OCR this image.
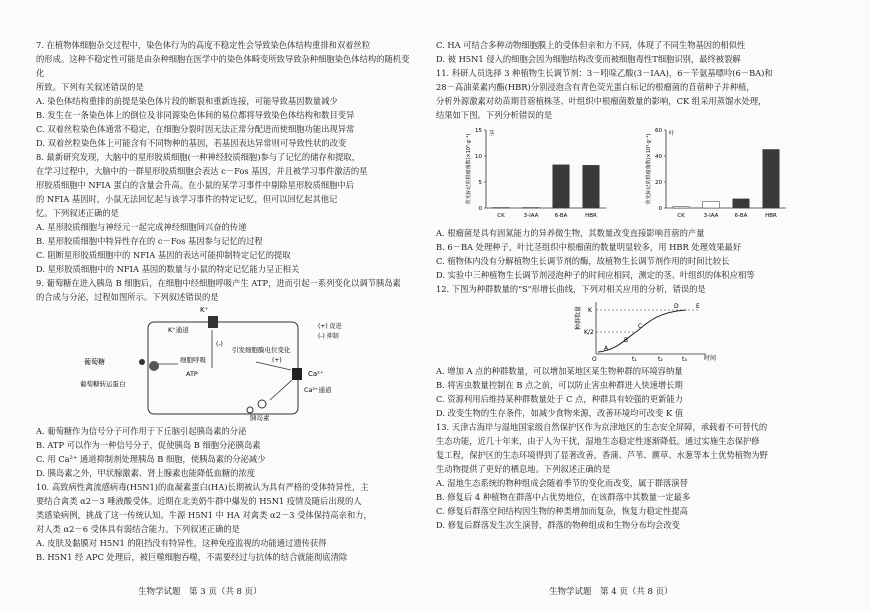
7. 在植物体细胞杂交过程中，染色体行为的高度不稳定性会导致染色体结构重排和双着丝粒

的形成。这种不稳定性可能是由杂种细胞在医学中的染色体畸变所致导致杂种细胞染色体结构的随机变化

所致。下列有关叙述错误的是

A. 染色体结构重排的前提是染色体片段的断裂和重新连接，可能导致基因数量减少

B. 发生在一条染色体上的倒位及非同源染色体间的易位都将导致染色体结构和数目变异

C. 双着丝粒染色体通常不稳定，在细胞分裂时因无法正常分配进而使细胞功能出现异常

D. 双着丝粒染色体上可能含有不同物种的基因，若基因表达异常则可导致性状的改变

8. 最新研究发现，大脑中的星形胶质细胞(一种神经胶质细胞)参与了记忆的储存和提取，

在学习过程中，大脑中的一群星形胶质细胞会表达 c－Fos 基因，并且被学习事件激活的星

形胶质细胞中 NFIA 蛋白的含量会升高。在小鼠的某学习事件中剔除星形胶质细胞中后

的 NFIA 基因时，小鼠无法回忆起与该学习事件的特定记忆，但可以回忆起其他记

忆。下列叙述正确的是

A. 星形胶质细胞与神经元一起完成神经细胞间兴奋的传递

B. 星形胶质细胞中特异性存在的 c－Fos 基因参与记忆的过程

C. 阻断星形胶质细胞中的 NFIA 基因的表达可能抑制特定记忆的提取

D. 星形胶质细胞中的 NFIA 基因的数量与小鼠的特定记忆能力呈正相关

9. 葡萄糖在进入胰岛 B 细胞后，在细胞中经细胞呼吸产生 ATP，进而引起一系列变化以调节胰岛素

的合成与分泌，过程如图所示。下列叙述错误的是

K⁺
K⁺通道
葡萄糖
葡萄糖转运蛋白
细胞呼吸
ATP
(-)
引发细胞膜电位变化
(+)
Ca²⁺
Ca²⁺通道
胰岛素
(+) 促进
(-) 抑制

A. 葡萄糖作为信号分子可作用于下丘脑引起胰岛素的分泌

B. ATP 可以作为一种信号分子，促使胰岛 B 细胞分泌胰岛素

C. 用 Ca²⁺ 通道抑制剂处理胰岛 B 细胞，使胰岛素的分泌减少

D. 胰岛素之外，甲状腺激素、肾上腺素也能降低血糖的浓度

10. 高致病性禽流感病毒(H5N1)的血凝素蛋白(HA)长期被认为具有严格的受体特异性，主

要结合禽类 α2－3 唾液酸受体。近期在北美奶牛群中爆发的 H5N1 疫情及随后出现的人

类感染病例，挑战了这一传统认知。牛源 H5N1 中 HA 对禽类 α2－3 受体保持高亲和力，

对人类 α2－6 受体具有弱结合能力。下列叙述正确的是

A. 皮肤及黏膜对 H5N1 的阻挡没有特异性，这种免疫监视的功能通过遗传获得

B. H5N1 经 APC 处理后，被巨噬细胞吞噬，不需要经过与抗体的结合就能彻底清除

生物学试题　第 3 页（共 8 页）

C. HA 可结合多种动物细胞膜上的受体但亲和力不同，体现了不同生物基因的相似性

D. 被 H5N1 侵入的细胞会因为细胞结构改变而被细胞毒性T细胞识别，最终被裂解

11. 科研人员选择 3 种植物生长调节剂：3－吲哚乙酸(3－IAA)，6－苄氨基嘌呤(6－BA)和

28－高油菜素内酯(HBR)分别浸泡含有青色荧光蛋白标记的根瘤菌的苜蓿种子并种植，

分析外源激素对幼苗期苜蓿植株茎、叶组织中根瘤菌数量的影响，CK 组采用蒸馏水处理，

结果如下图。下列分析错误的是

0
5
10
15 茎
荧光标记的根瘤菌数(×10⁵·g⁻¹)
CK	3-IAA	6-BA	HBR
0
20
40
60 叶
荧光标记的根瘤菌数(×10⁵·g⁻¹)
CK	3-IAA	6-BA	HBR

A. 根瘤菌是具有固氮能力的异养微生物，其数量改变直接影响苜蓿的产量

B. 6－BA 处理种子，叶比茎组织中根瘤菌的数量明显较多，用 HBR 处理效果最好

C. 植物体内没有分解植物生长调节剂的酶，故植物生长调节剂作用的时间比较长

D. 实验中三种植物生长调节剂浸泡种子的时间应相同，测定的茎、叶组织的体积应相等

12. 下图为种群数量的"S"形增长曲线，下列对相关应用的分析，错误的是

种群数量 K
K/2
O
A
B
C
D	E
t₁	t₂	t₃	时间

A. 增加 A 点的种群数量，可以增加某地区某生物种群的环境容纳量

B. 将害虫数量控制在 B 点之前，可以防止害虫种群进入快速增长期

C. 资源利用后维持某种群数量处于 C 点，种群具有较强的更新能力

D. 改变生物的生存条件，如减少食物来源，改善环境均可改变 K 值

13. 天津古海岸与湿地国家级自然保护区作为京津地区的生态安全屏障，承载着不可替代的

生态功能，近几十年来，由于人为干扰，湿地生态稳定性逐渐降低。通过实施生态保护修

复工程，保护区的生态环境得到了显著改善，香蒲、芦苇、藨草、水葱等本土优势植物为野

生动物提供了更好的栖息地。下列叙述正确的是

A. 湿地生态系统的物种组成会随着季节的变化而改变，属于群落演替

B. 修复后 4 种植物在群落中占优势地位，在该群落中其数量一定最多

C. 修复后群落空间结构因生物的种类增加而复杂，恢复力稳定性提高

D. 修复后群落发生次生演替，群落的物种组成和生物分布均会改变

生物学试题　第 4 页（共 8 页）
